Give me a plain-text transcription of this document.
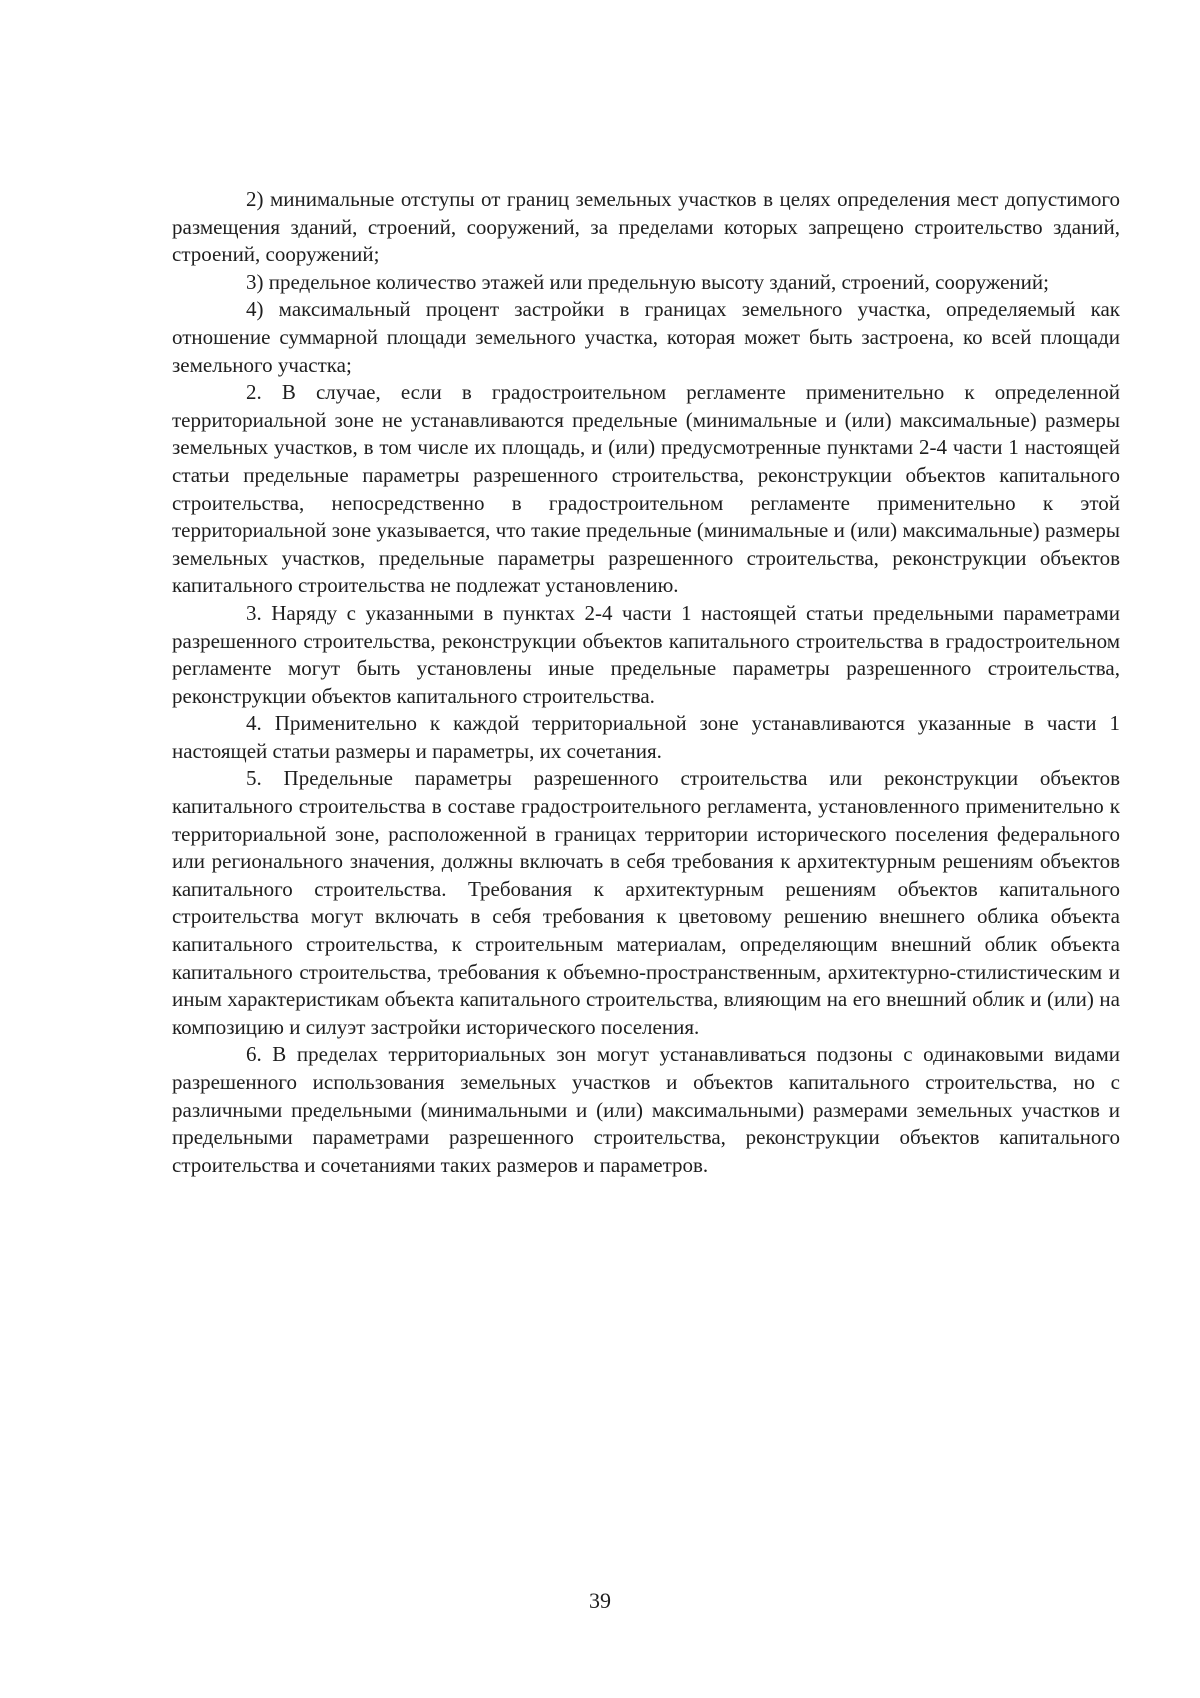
2) минимальные отступы от границ земельных участков в целях определения мест допустимого размещения зданий, строений, сооружений, за пределами которых запрещено строительство зданий, строений, сооружений;

3) предельное количество этажей или предельную высоту зданий, строений, сооружений;

4) максимальный процент застройки в границах земельного участка, определяемый как отношение суммарной площади земельного участка, которая может быть застроена, ко всей площади земельного участка;

2. В случае, если в градостроительном регламенте применительно к определенной территориальной зоне не устанавливаются предельные (минимальные и (или) максимальные) размеры земельных участков, в том числе их площадь, и (или) предусмотренные пунктами 2-4 части 1 настоящей статьи предельные параметры разрешенного строительства, реконструкции объектов капитального строительства, непосредственно в градостроительном регламенте применительно к этой территориальной зоне указывается, что такие предельные (минимальные и (или) максимальные) размеры земельных участков, предельные параметры разрешенного строительства, реконструкции объектов капитального строительства не подлежат установлению.

3. Наряду с указанными в пунктах 2-4 части 1 настоящей статьи предельными параметрами разрешенного строительства, реконструкции объектов капитального строительства в градостроительном регламенте могут быть установлены иные предельные параметры разрешенного строительства, реконструкции объектов капитального строительства.

4. Применительно к каждой территориальной зоне устанавливаются указанные в части 1 настоящей статьи размеры и параметры, их сочетания.

5. Предельные параметры разрешенного строительства или реконструкции объектов капитального строительства в составе градостроительного регламента, установленного применительно к территориальной зоне, расположенной в границах территории исторического поселения федерального или регионального значения, должны включать в себя требования к архитектурным решениям объектов капитального строительства. Требования к архитектурным решениям объектов капитального строительства могут включать в себя требования к цветовому решению внешнего облика объекта капитального строительства, к строительным материалам, определяющим внешний облик объекта капитального строительства, требования к объемно-пространственным, архитектурно-стилистическим и иным характеристикам объекта капитального строительства, влияющим на его внешний облик и (или) на композицию и силуэт застройки исторического поселения.

6. В пределах территориальных зон могут устанавливаться подзоны с одинаковыми видами разрешенного использования земельных участков и объектов капитального строительства, но с различными предельными (минимальными и (или) максимальными) размерами земельных участков и предельными параметрами разрешенного строительства, реконструкции объектов капитального строительства и сочетаниями таких размеров и параметров.

39
